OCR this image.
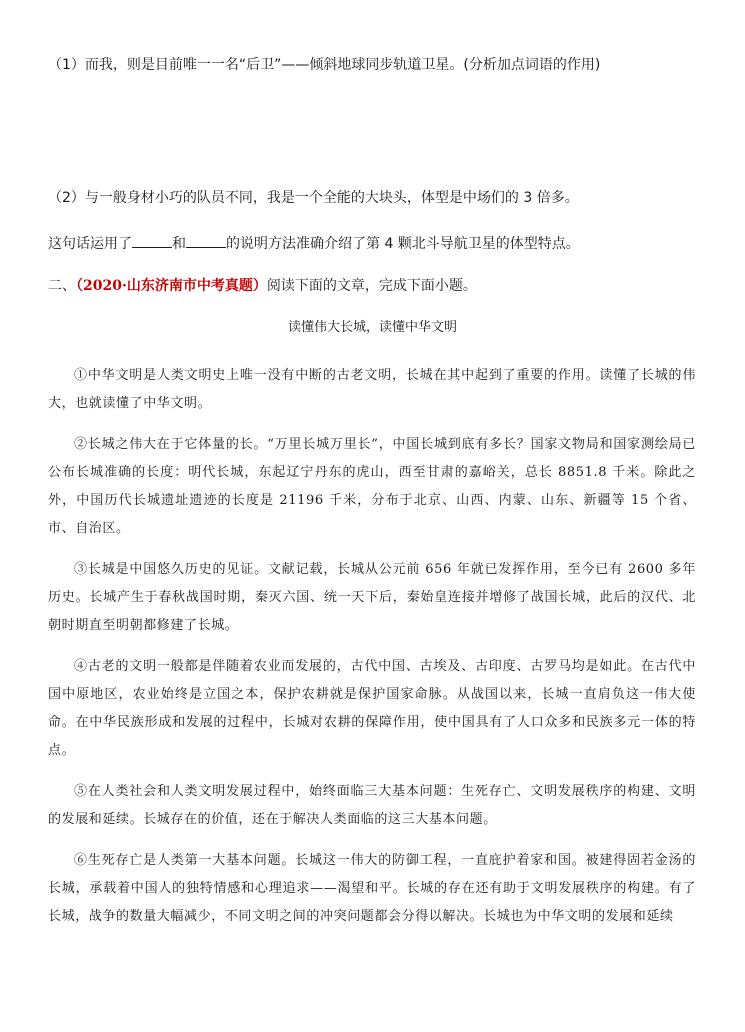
（1）而我，则是目前唯一一名“后卫”——倾斜地球同步轨道卫星。(分析加点词语的作用)
（2）与一般身材小巧的队员不同，我是一个全能的大块头，体型是中场们的 3 倍多。
这句话运用了	和	的说明方法准确介绍了第 4 颗北斗导航卫星的体型特点。
二、（2020·山东济南市中考真题）阅读下面的文章，完成下面小题。
读懂伟大长城，读懂中华文明

①中华文明是人类文明史上唯一没有中断的古老文明，长城在其中起到了重要的作用。读懂了长城的伟大，也就读懂了中华文明。

②长城之伟大在于它体量的长。“万里长城万里长”，中国长城到底有多长？国家文物局和国家测绘局已公布长城准确的长度：明代长城，东起辽宁丹东的虎山，西至甘肃的嘉峪关，总长 8851.8 千米。除此之外，中国历代长城遗址遗迹的长度是 21196 千米，分布于北京、山西、内蒙、山东、新疆等 15 个省、市、自治区。

③长城是中国悠久历史的见证。文献记载，长城从公元前 656 年就已发挥作用，至今已有 2600 多年历史。长城产生于春秋战国时期，秦灭六国、统一天下后，秦始皇连接并增修了战国长城，此后的汉代、北朝时期直至明朝都修建了长城。

④古老的文明一般都是伴随着农业而发展的，古代中国、古埃及、古印度、古罗马均是如此。在古代中国中原地区，农业始终是立国之本，保护农耕就是保护国家命脉。从战国以来，长城一直肩负这一伟大使命。在中华民族形成和发展的过程中，长城对农耕的保障作用，使中国具有了人口众多和民族多元一体的特点。

⑤在人类社会和人类文明发展过程中，始终面临三大基本问题：生死存亡、文明发展秩序的构建、文明的发展和延续。长城存在的价值，还在于解决人类面临的这三大基本问题。

⑥生死存亡是人类第一大基本问题。长城这一伟大的防御工程，一直庇护着家和国。被建得固若金汤的长城，承载着中国人的独特情感和心理追求——渴望和平。长城的存在还有助于文明发展秩序的构建。有了长城，战争的数量大幅减少，不同文明之间的冲突问题都会分得以解决。长城也为中华文明的发展和延续
